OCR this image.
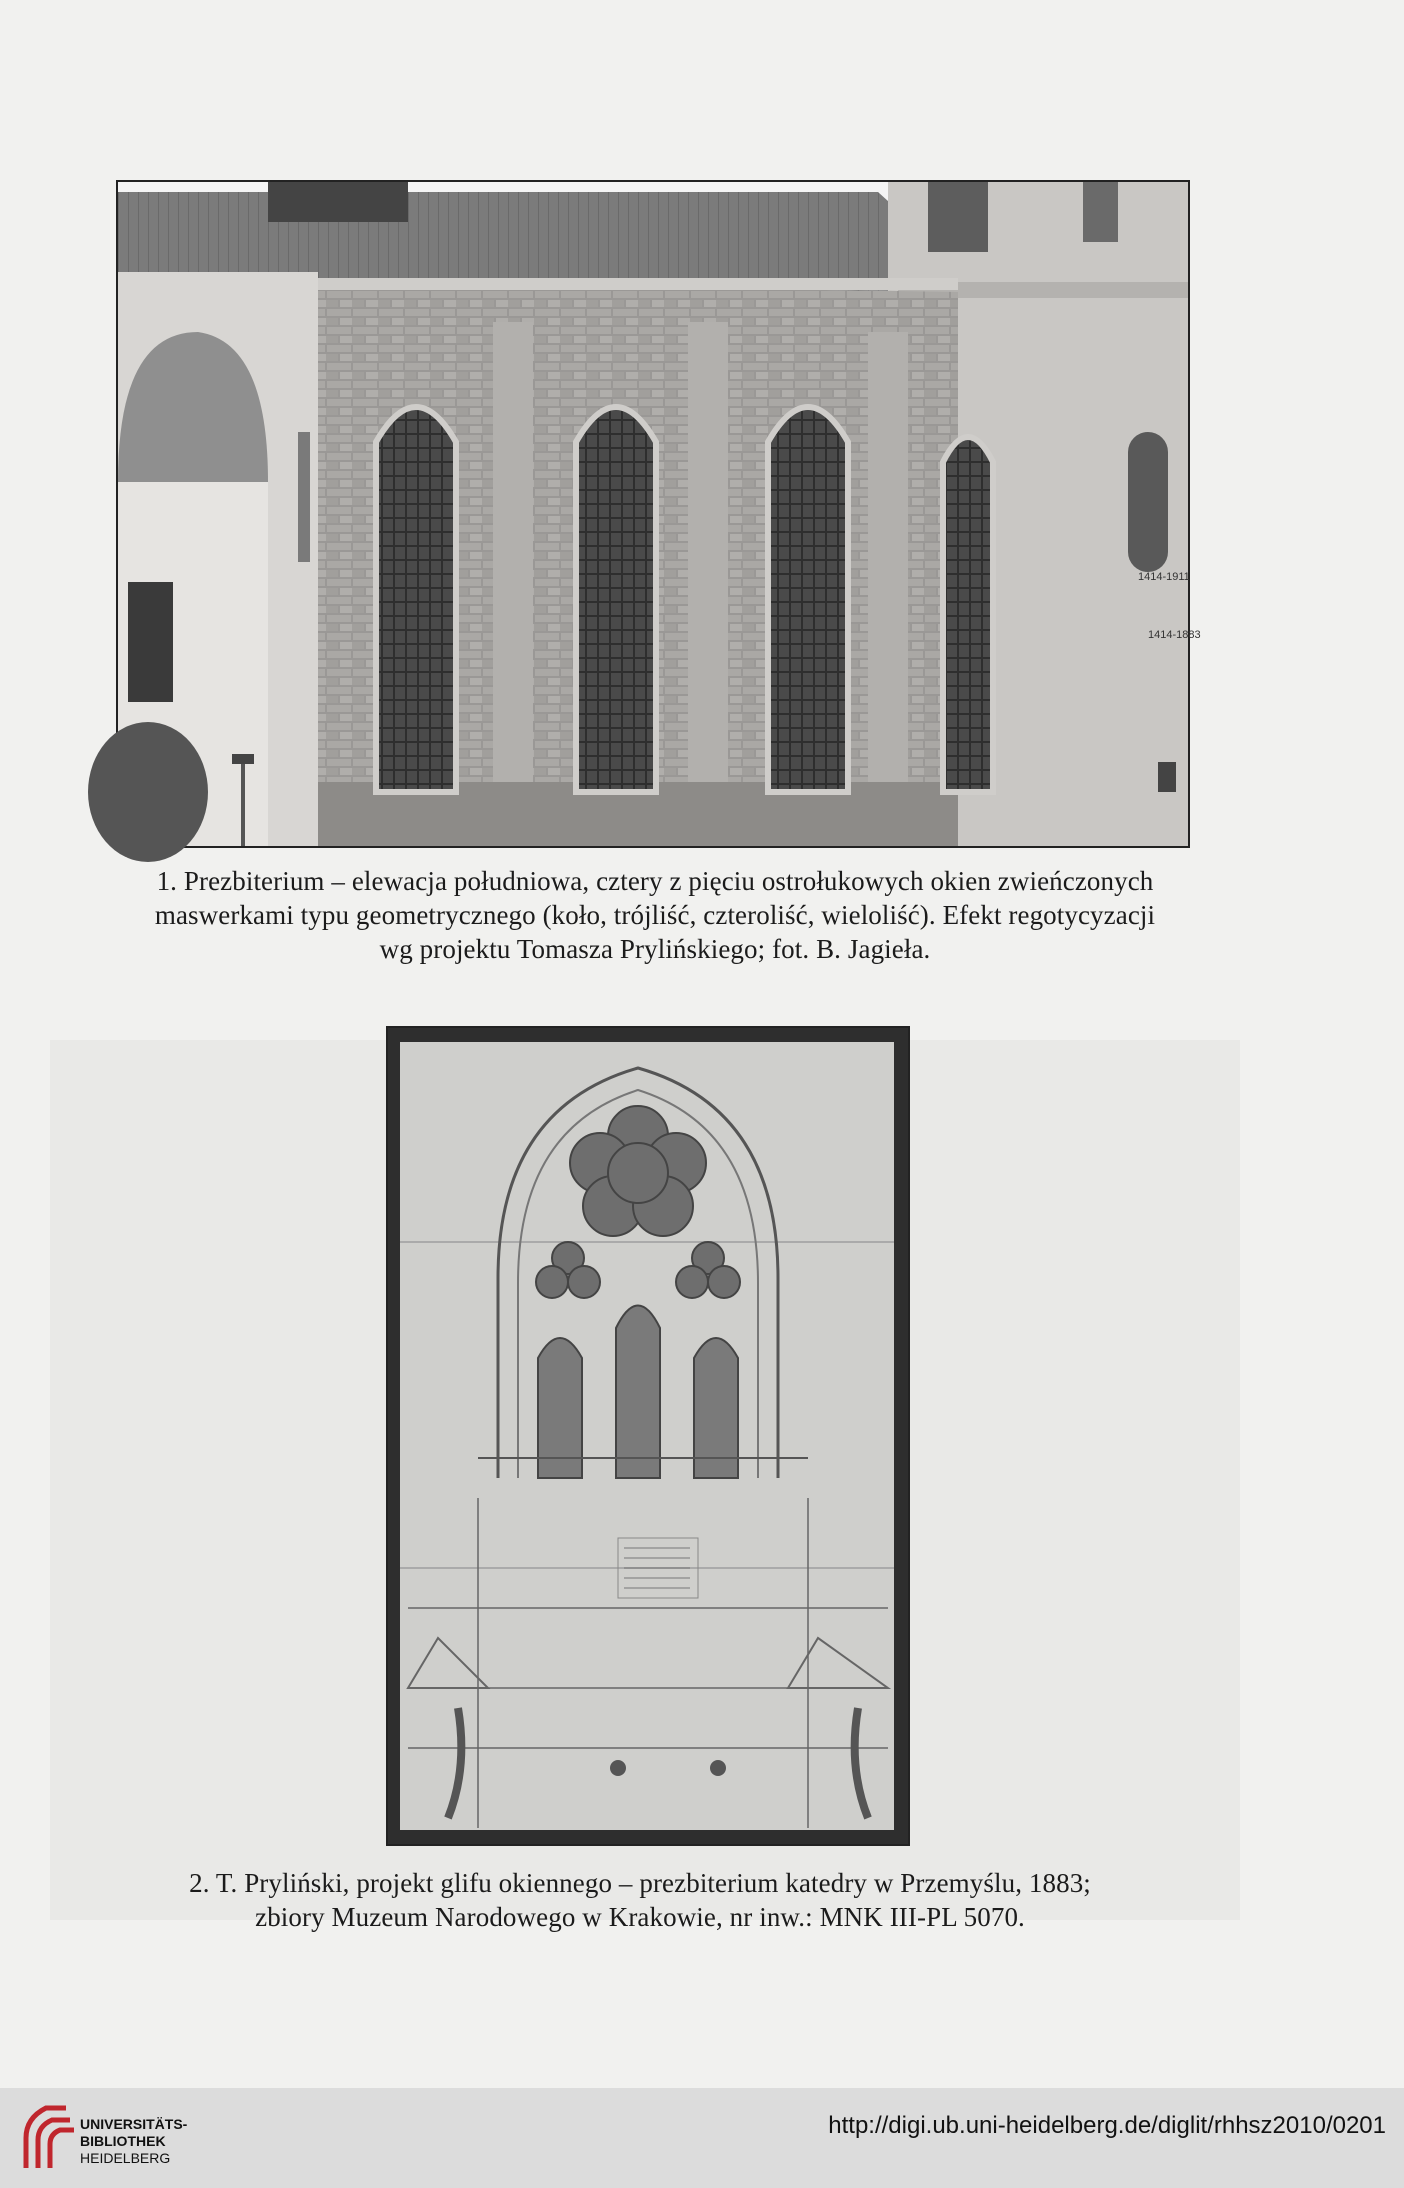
1414-1911
1414-1883
1. Prezbiterium – elewacja południowa, cztery z pięciu ostrołukowych okien zwieńczonych
maswerkami typu geometrycznego (koło, trójliść, czteroliść, wieloliść). Efekt regotycyzacji
wg projektu Tomasza Prylińskiego; fot. B. Jagieła.
2. T. Pryliński, projekt glifu okiennego – prezbiterium katedry w Przemyślu, 1883;
zbiory Muzeum Narodowego w Krakowie, nr inw.: MNK III-PL 5070.
UNIVERSITÄTS-
BIBLIOTHEK
HEIDELBERG
http://digi.ub.uni-heidelberg.de/diglit/rhhsz2010/0201
